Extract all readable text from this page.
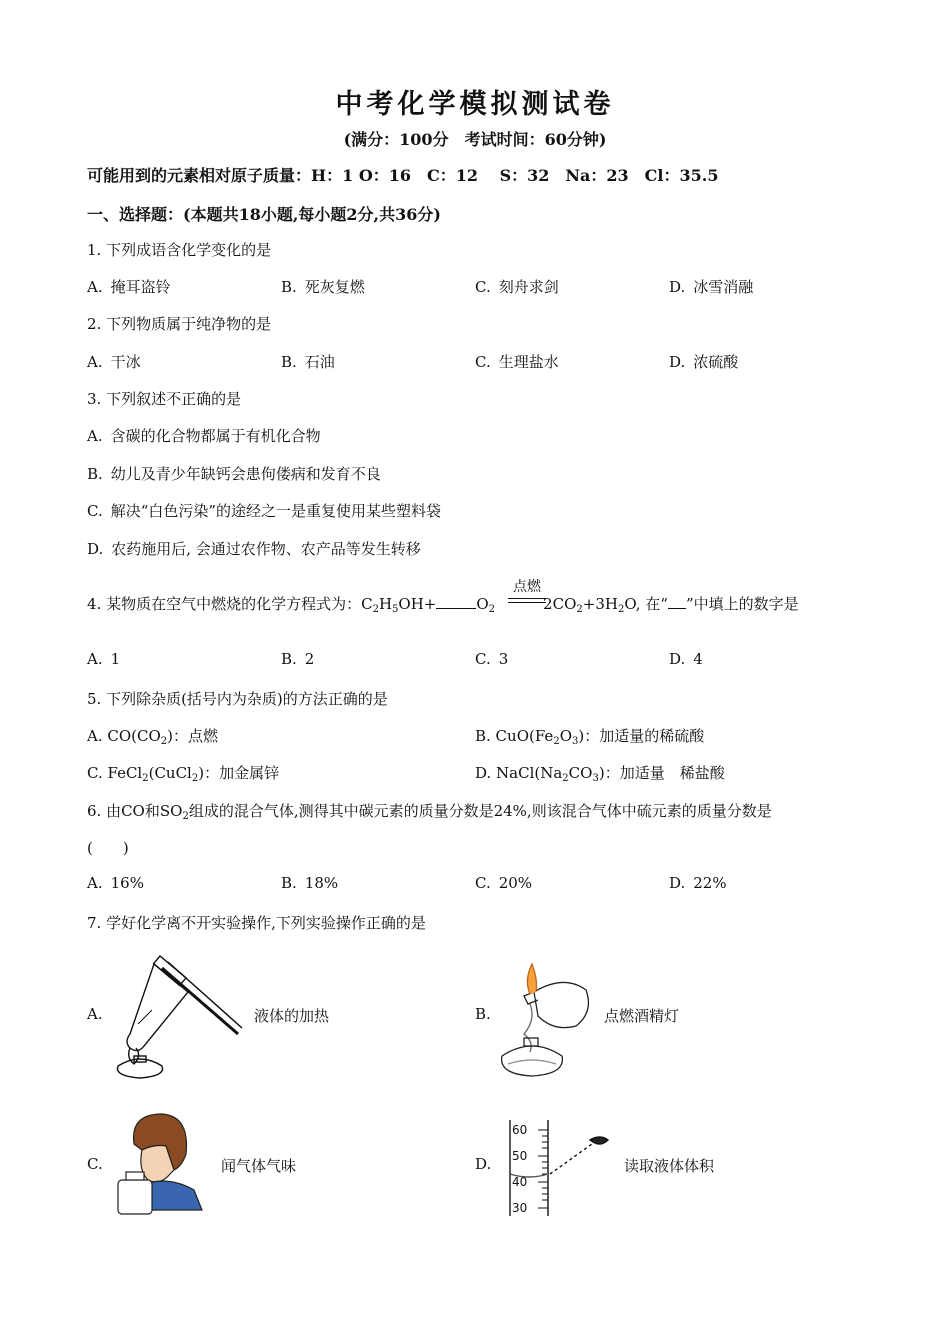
中考化学模拟测试卷
(满分：100分　考试时间：60分钟)
可能用到的元素相对原子质量：H：1 O：16　C：12　 S：32　Na：23　Cl：35.5
一、选择题：(本题共18小题,每小题2分,共36分)
1. 下列成语含化学变化的是
A. 掩耳盗铃	B. 死灰复燃	C. 刻舟求剑	D. 冰雪消融
2. 下列物质属于纯净物的是
A. 干冰	B. 石油	C. 生理盐水	D. 浓硫酸
3. 下列叙述不正确的是
A. 含碳的化合物都属于有机化合物
B. 幼儿及青少年缺钙会患佝偻病和发育不良
C. 解决“白色污染”的途经之一是重复使用某些塑料袋
D. 农药施用后, 会通过农作物、农产品等发生转移
点燃
4. 某物质在空气中燃烧的化学方程式为：$C_2H_5OH+$	$O_2$	$2CO_2+3H_2O$, 在“ ”中填上的数字是
A. 1	B. 2	C. 3	D. 4
5. 下列除杂质(括号内为杂质)的方法正确的是
A. $CO(CO_2)$：点燃	B. $CuO(Fe_2O_3)$：加适量的稀硫酸
C. FeCl$_2$(CuCl$_2$)：加金属锌	D. $NaCl(Na_2CO_3)$：加适量　稀盐酸
6. 由CO和$SO_2$组成的混合气体,测得其中碳元素的质量分数是24%,则该混合气体中硫元素的质量分数是
(　　)
A. 16%	B. 18%	C. 20%	D. 22%
7. 学好化学离不开实验操作,下列实验操作正确的是
A.	液体的加热	B.	点燃酒精灯
C.	闻气体气味	D.
60
50
40
30
读取液体体积
